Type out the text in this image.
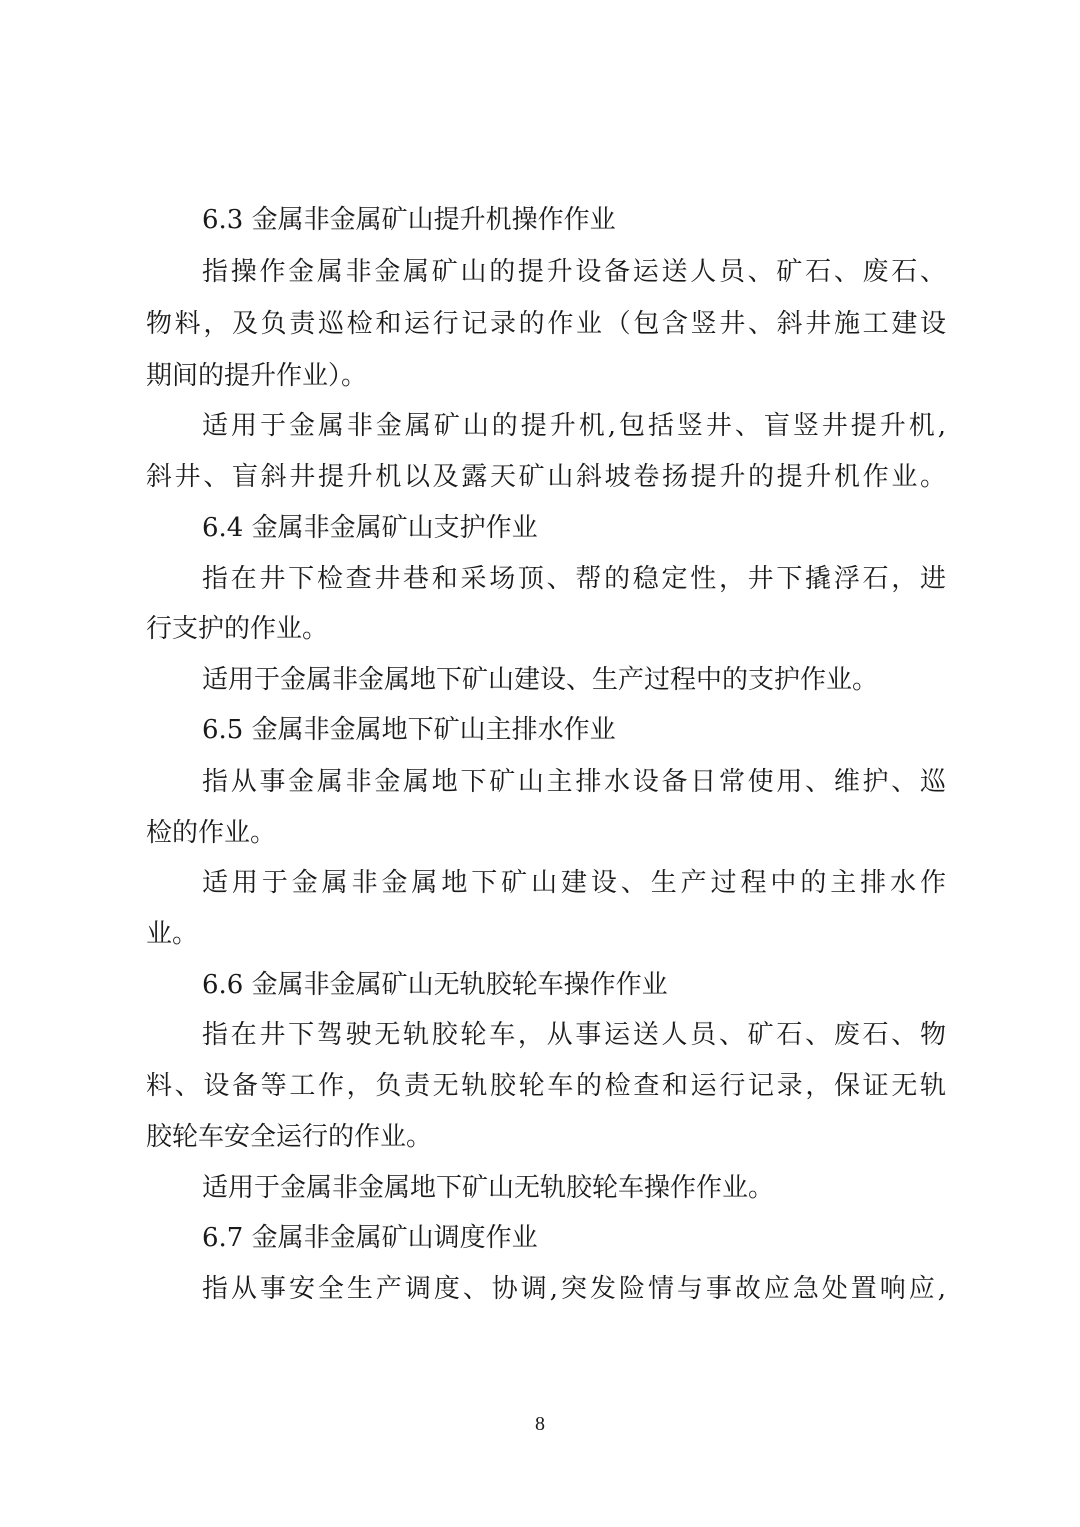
6.3 金属非金属矿山提升机操作作业
指操作金属非金属矿山的提升设备运送人员、矿石、废石、
物料，及负责巡检和运行记录的作业（包含竖井、斜井施工建设
期间的提升作业）。
适用于金属非金属矿山的提升机,包括竖井、盲竖井提升机,
斜井、盲斜井提升机以及露天矿山斜坡卷扬提升的提升机作业。
6.4 金属非金属矿山支护作业
指在井下检查井巷和采场顶、帮的稳定性，井下撬浮石，进
行支护的作业。
适用于金属非金属地下矿山建设、生产过程中的支护作业。
6.5 金属非金属地下矿山主排水作业
指从事金属非金属地下矿山主排水设备日常使用、维护、巡
检的作业。
适用于金属非金属地下矿山建设、生产过程中的主排水作
业。
6.6 金属非金属矿山无轨胶轮车操作作业
指在井下驾驶无轨胶轮车，从事运送人员、矿石、废石、物
料、设备等工作，负责无轨胶轮车的检查和运行记录，保证无轨
胶轮车安全运行的作业。
适用于金属非金属地下矿山无轨胶轮车操作作业。
6.7 金属非金属矿山调度作业
指从事安全生产调度、协调,突发险情与事故应急处置响应,
8
